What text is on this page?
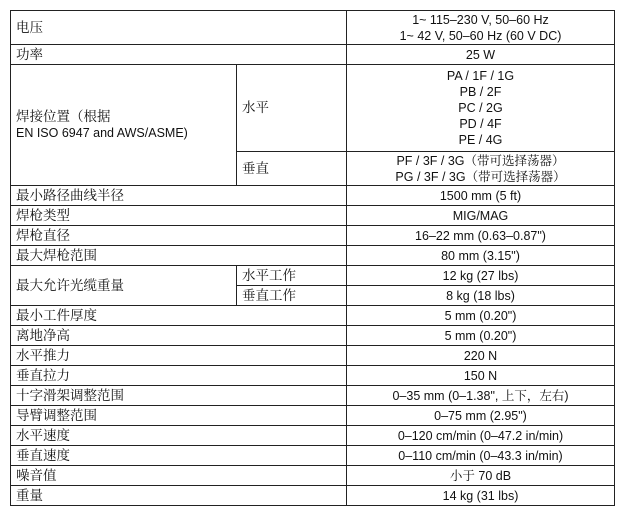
电压		1~ 115–230 V, 50–60 Hz
1~ 42 V, 50–60 Hz (60 V DC)

功率		25 W

焊接位置（根据
EN ISO 6947 and AWS/ASME)	水平	PA / 1F / 1G
PB / 2F
PC / 2G
PD / 4F
PE / 4G

	垂直	PF / 3F / 3G（带可选择荡器）
PG / 3F / 3G（带可选择荡器）

最小路径曲线半径		1500 mm (5 ft)
焊枪类型		MIG/MAG
焊枪直径		16–22 mm (0.63–0.87")
最大焊枪范围		80 mm (3.15")
最大允许光缆重量	水平工作	12 kg (27 lbs)
	垂直工作	8 kg (18 lbs)
最小工件厚度		5 mm (0.20")
离地净高		5 mm (0.20")
水平推力		220 N
垂直拉力		150 N
十字滑架调整范围		0–35 mm (0–1.38", 上下，左右)
导臂调整范围		0–75 mm (2.95")
水平速度		0–120 cm/min (0–47.2 in/min)
垂直速度		0–110 cm/min (0–43.3 in/min)
噪音值		小于 70 dB
重量		14 kg (31 lbs)
